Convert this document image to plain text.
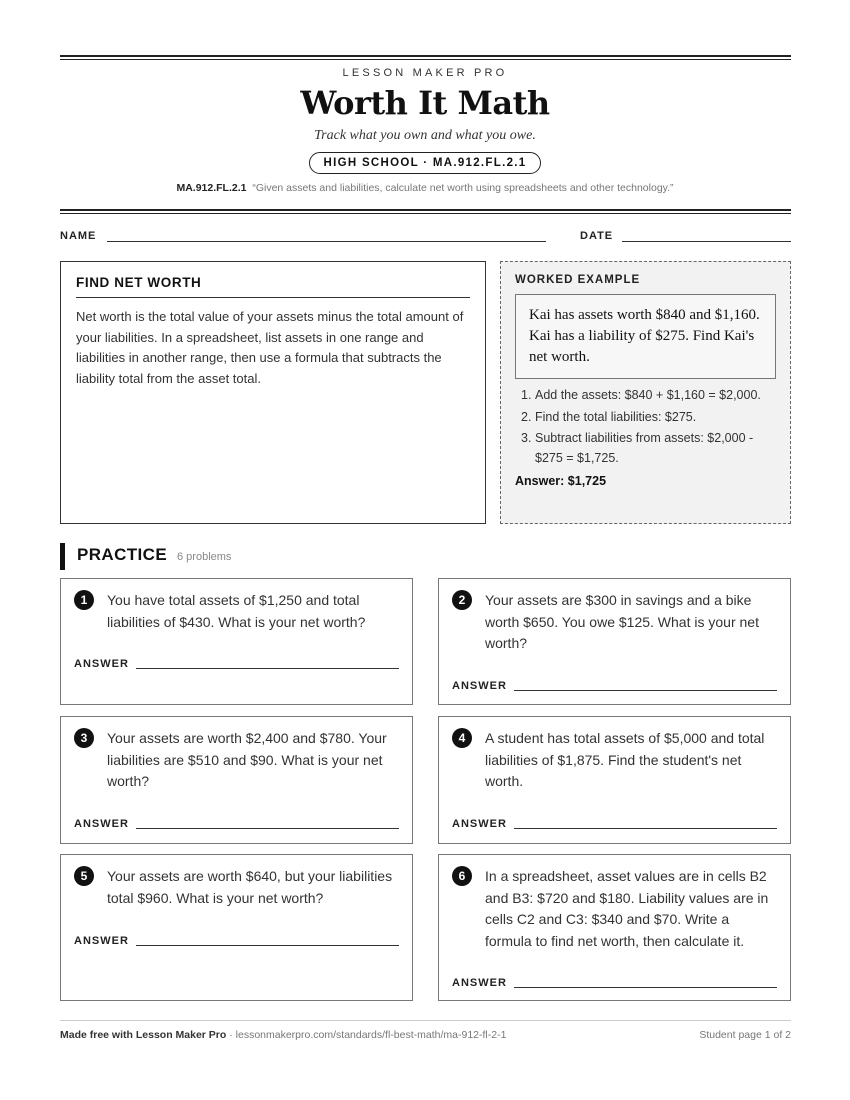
LESSON MAKER PRO
Worth It Math
Track what you own and what you owe.
HIGH SCHOOL · MA.912.FL.2.1
MA.912.FL.2.1 “Given assets and liabilities, calculate net worth using spreadsheets and other technology.”
NAME	DATE
FIND NET WORTH

Net worth is the total value of your assets minus the total amount of your liabilities. In a spreadsheet, list assets in one range and liabilities in another range, then use a formula that subtracts the liability total from the asset total.

WORKED EXAMPLE
Kai has assets worth $840 and $1,160. Kai has a liability of $275. Find Kai's net worth.
1. Add the assets: $840 + $1,160 = $2,000.
2. Find the total liabilities: $275.
3. Subtract liabilities from assets: $2,000 - $275 = $1,725.
Answer: $1,725
PRACTICE 6 problems
1	You have total assets of $1,250 and total liabilities of $430. What is your net worth?
ANSWER
2	Your assets are $300 in savings and a bike worth $650. You owe $125. What is your net worth?
ANSWER
3	Your assets are worth $2,400 and $780. Your liabilities are $510 and $90. What is your net worth?
ANSWER
4	A student has total assets of $5,000 and total liabilities of $1,875. Find the student's net worth.
ANSWER
5	Your assets are worth $640, but your liabilities total $960. What is your net worth?
ANSWER
6	In a spreadsheet, asset values are in cells B2 and B3: $720 and $180. Liability values are in cells C2 and C3: $340 and $70. Write a formula to find net worth, then calculate it.
ANSWER
Made free with Lesson Maker Pro · lessonmakerpro.com/standards/fl-best-math/ma-912-fl-2-1	Student page 1 of 2
